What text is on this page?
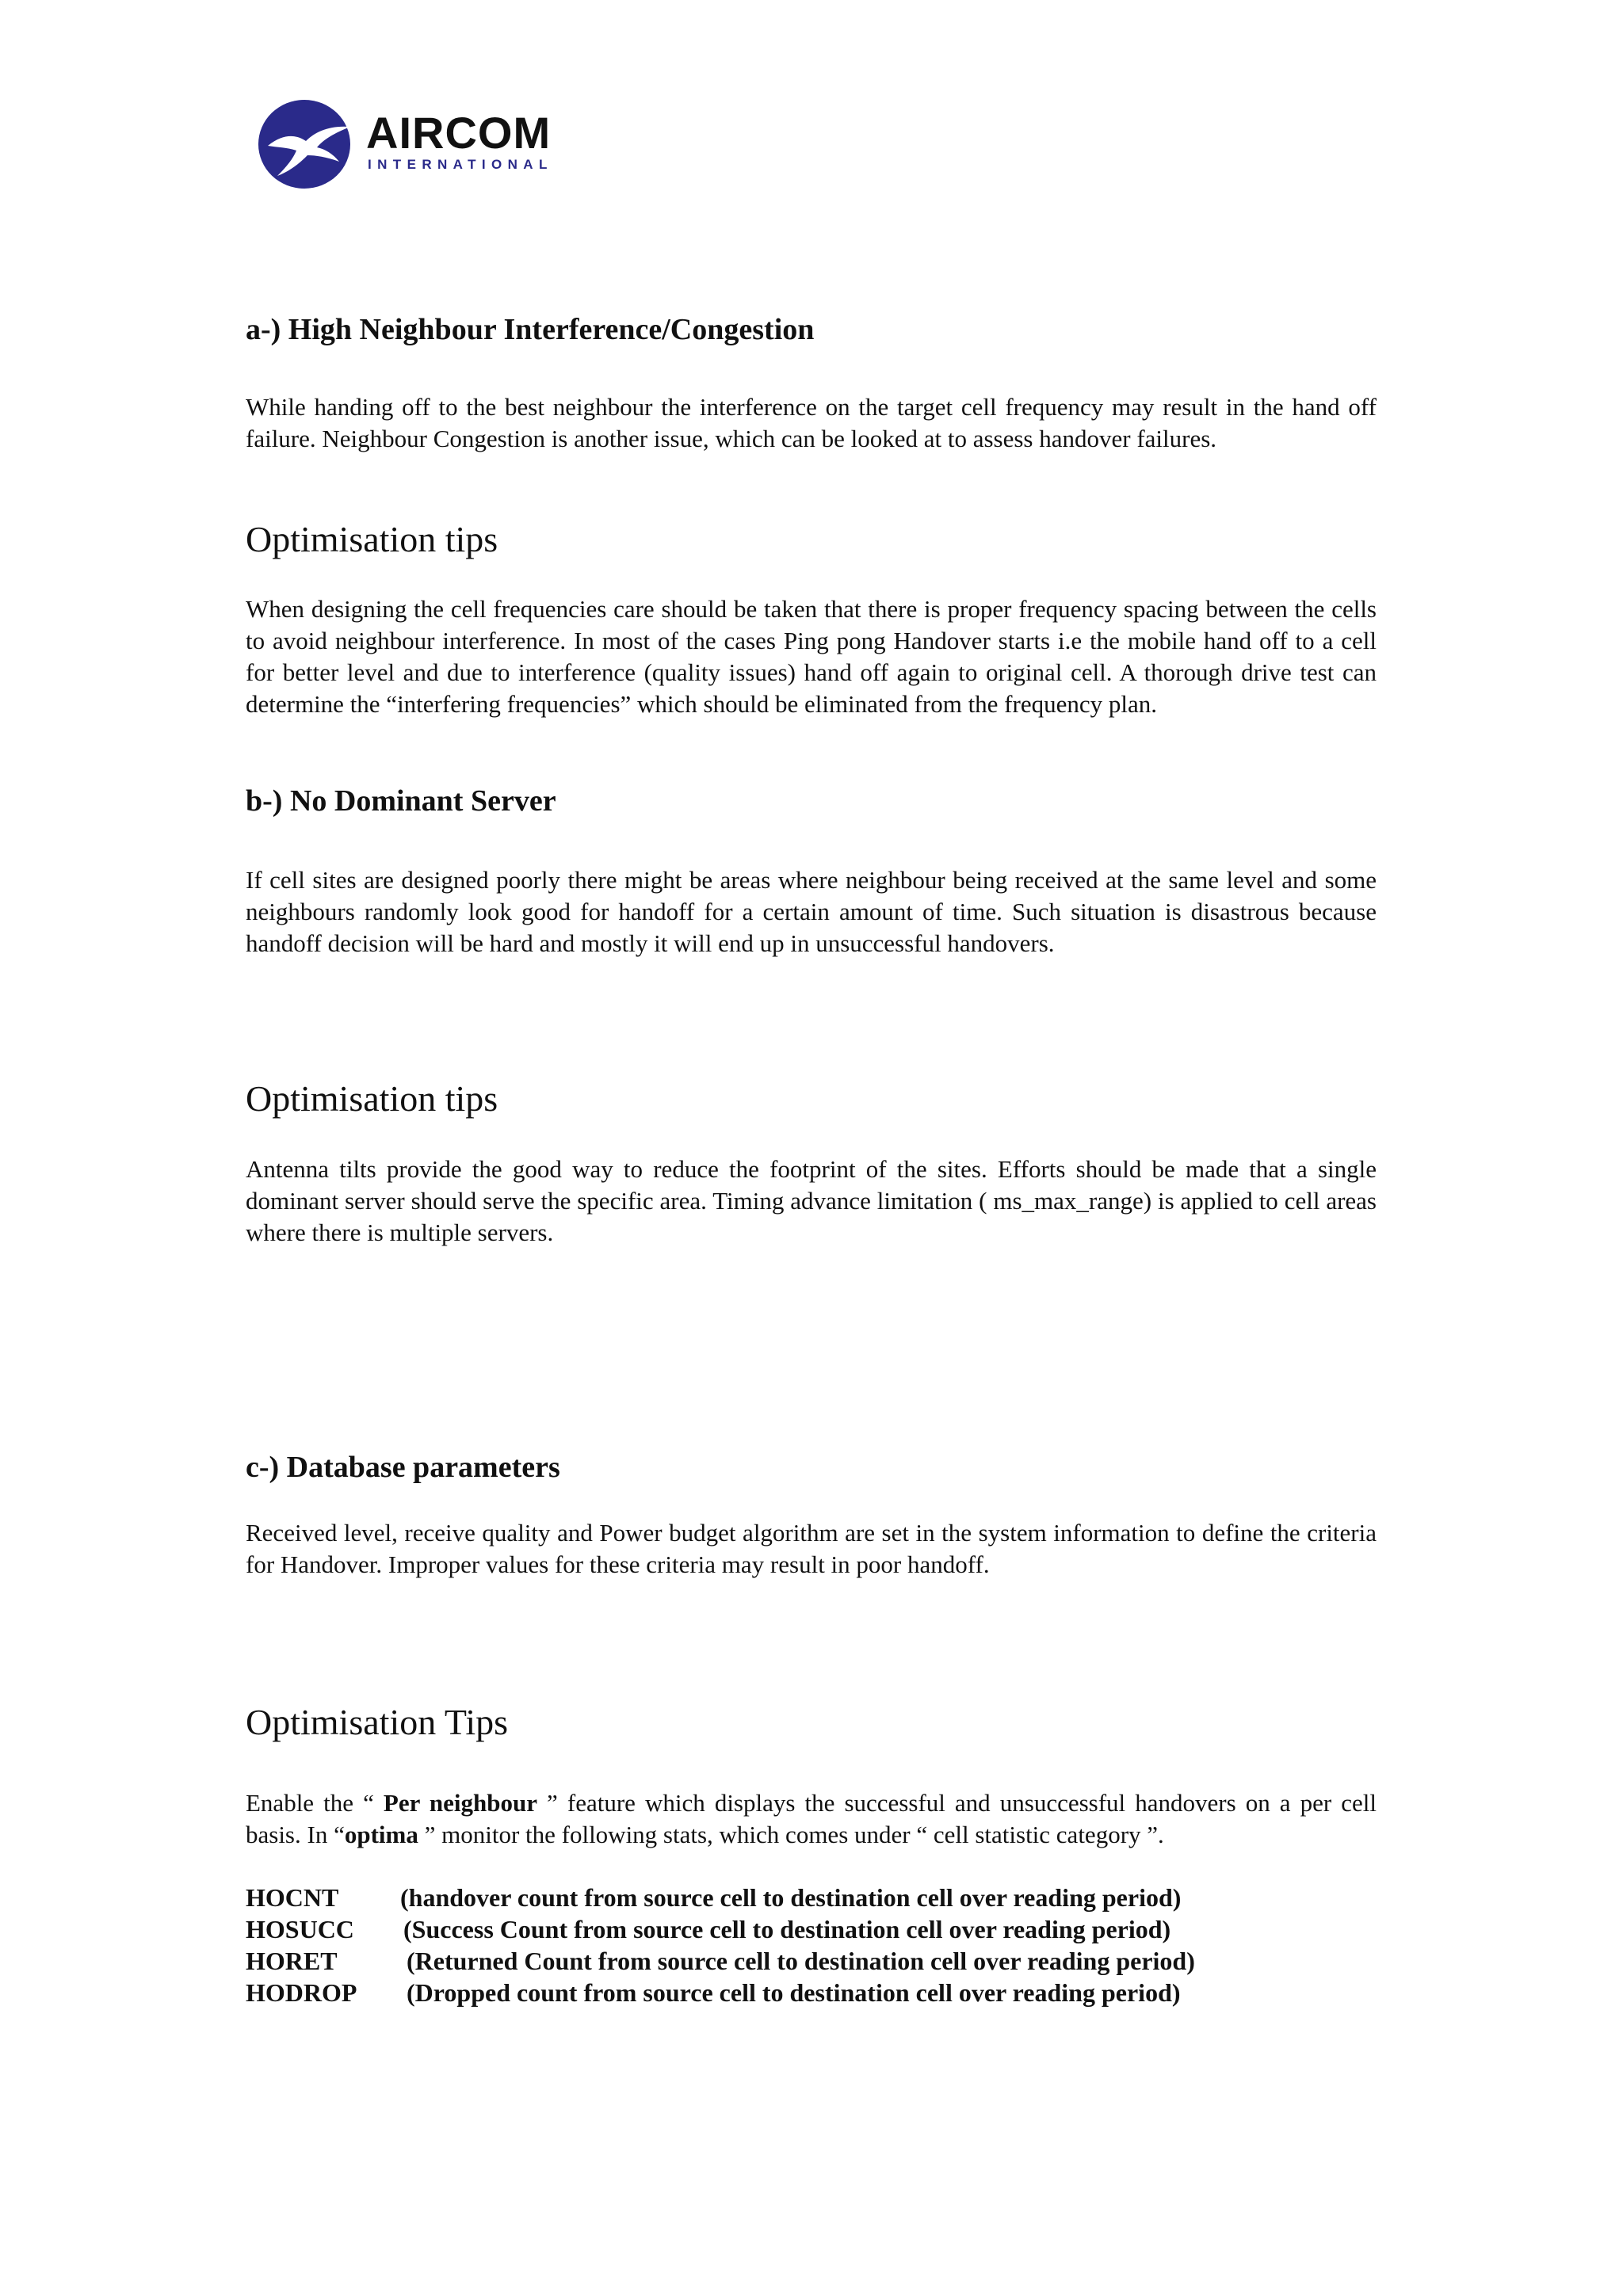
AIRCOM
INTERNATIONAL
a-) High Neighbour Interference/Congestion

While handing off to the best neighbour the interference on the target cell frequency may result in the hand off failure. Neighbour Congestion is another issue, which can be looked at to assess handover failures.

Optimisation tips

When designing the cell frequencies care should be taken that there is proper frequency spacing between the cells to avoid neighbour interference. In most of the cases Ping pong Handover starts i.e the mobile hand off to a cell for better level and due to interference (quality issues) hand off again to original cell. A thorough drive test can determine the “interfering frequencies” which should be eliminated from the frequency plan.

b-) No Dominant Server

If cell sites are designed poorly there might be areas where neighbour being received at the same level and some neighbours randomly look good for handoff for a certain amount of time. Such situation is disastrous because handoff decision will be hard and mostly it will end up in unsuccessful handovers.

Optimisation tips

Antenna tilts provide the good way to reduce the footprint of the sites. Efforts should be made that a single dominant server should serve the specific area. Timing advance limitation ( ms_max_range) is applied to cell areas where there is multiple servers.

c-) Database parameters

Received level, receive quality and Power budget algorithm are set in the system information to define the criteria for Handover. Improper values for these criteria may result in poor handoff.

Optimisation Tips

Enable the “ Per neighbour ” feature which displays the successful and unsuccessful handovers on a per cell basis. In “optima ” monitor the following stats, which comes under “ cell statistic category ”.

HOCNT (handover count from source cell to destination cell over reading period)
HOSUCC (Success Count from source cell to destination cell over reading period)
HORET	(Returned Count from source cell to destination cell over reading period)
HODROP (Dropped count from source cell to destination cell over reading period)
